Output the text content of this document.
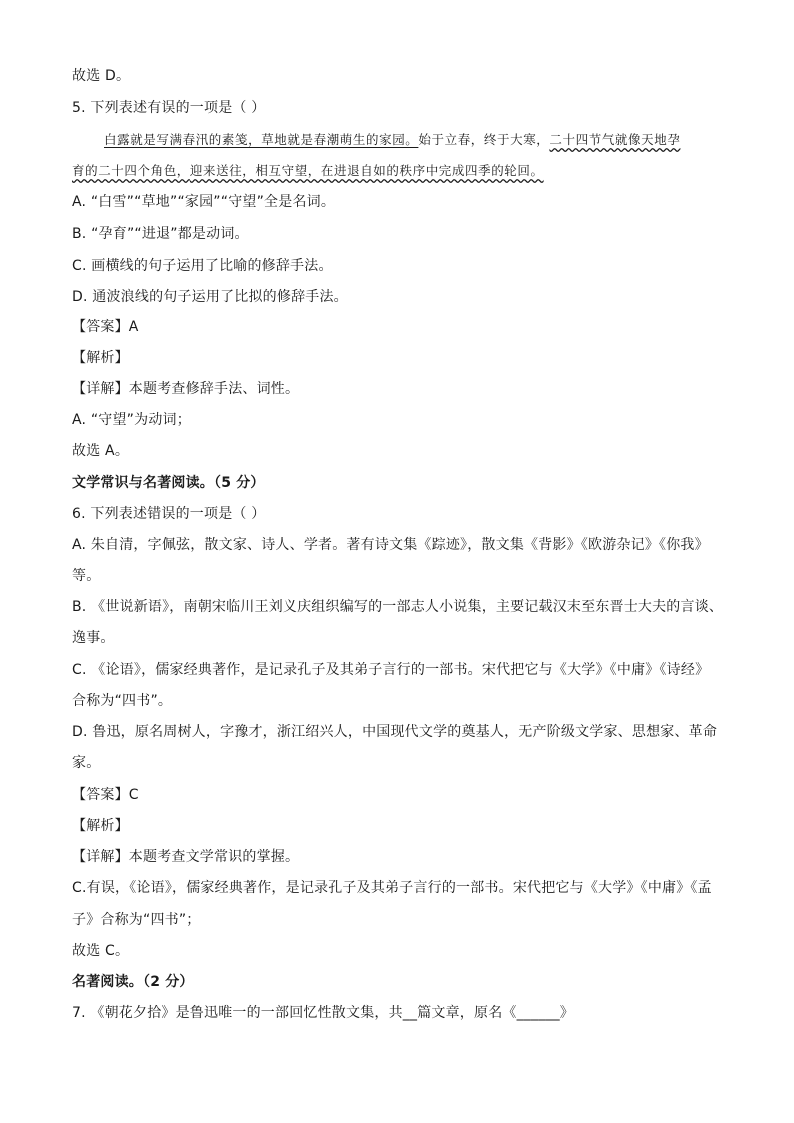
故选 D。
5. 下列表述有误的一项是（ ）
白露就是写满春汛的素笺，草地就是春潮萌生的家园。始于立春，终于大寒，二十四节气就像天地孕
育的二十四个角色，迎来送往，相互守望，在进退自如的秩序中完成四季的轮回。
A. “白雪”“草地”“家园”“守望”全是名词。
B. “孕育”“进退”都是动词。
C. 画横线的句子运用了比喻的修辞手法。
D. 通波浪线的句子运用了比拟的修辞手法。
【答案】A
【解析】
【详解】本题考查修辞手法、词性。
A. “守望”为动词；
故选 A。
文学常识与名著阅读。（5 分）
6. 下列表述错误的一项是（ ）
A. 朱自清，字佩弦，散文家、诗人、学者。著有诗文集《踪迹》，散文集《背影》《欧游杂记》《你我》
等。
B. 《世说新语》，南朝宋临川王刘义庆组织编写的一部志人小说集，主要记载汉末至东晋士大夫的言谈、
逸事。
C. 《论语》，儒家经典著作，是记录孔子及其弟子言行的一部书。宋代把它与《大学》《中庸》《诗经》
合称为“四书”。
D. 鲁迅，原名周树人，字豫才，浙江绍兴人，中国现代文学的奠基人，无产阶级文学家、思想家、革命
家。
【答案】C
【解析】
【详解】本题考查文学常识的掌握。
C.有误，《论语》，儒家经典著作，是记录孔子及其弟子言行的一部书。宋代把它与《大学》《中庸》《孟
子》合称为“四书”；
故选 C。
名著阅读。（2 分）
7. 《朝花夕拾》是鲁迅唯一的一部回忆性散文集，共__篇文章，原名《______》
